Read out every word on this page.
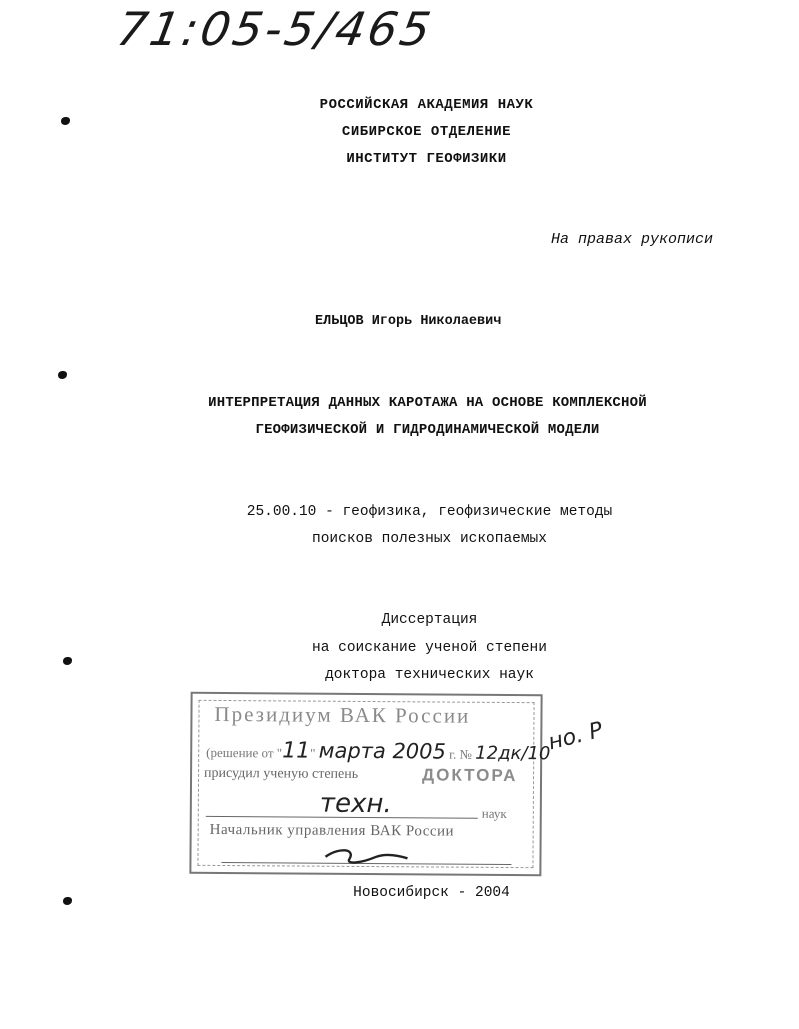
71:05-5/465
РОССИЙСКАЯ АКАДЕМИЯ НАУК
СИБИРСКОЕ ОТДЕЛЕНИЕ
ИНСТИТУТ ГЕОФИЗИКИ
На правах рукописи
ЕЛЬЦОВ Игорь Николаевич
ИНТЕРПРЕТАЦИЯ ДАННЫХ КАРОТАЖА НА ОСНОВЕ КОМПЛЕКСНОЙ
ГЕОФИЗИЧЕСКОЙ И ГИДРОДИНАМИЧЕСКОЙ МОДЕЛИ
25.00.10 - геофизика, геофизические методы
поисков полезных ископаемых
Диссертация
на соискание ученой степени
доктора технических наук
Президиум ВАК России
(решение от "11" марта 2005 г. № 12дк/10
присудил ученую степень	ДОКТОРА
техн.	наук
Начальник управления ВАК России
но. Р
Новосибирск - 2004
